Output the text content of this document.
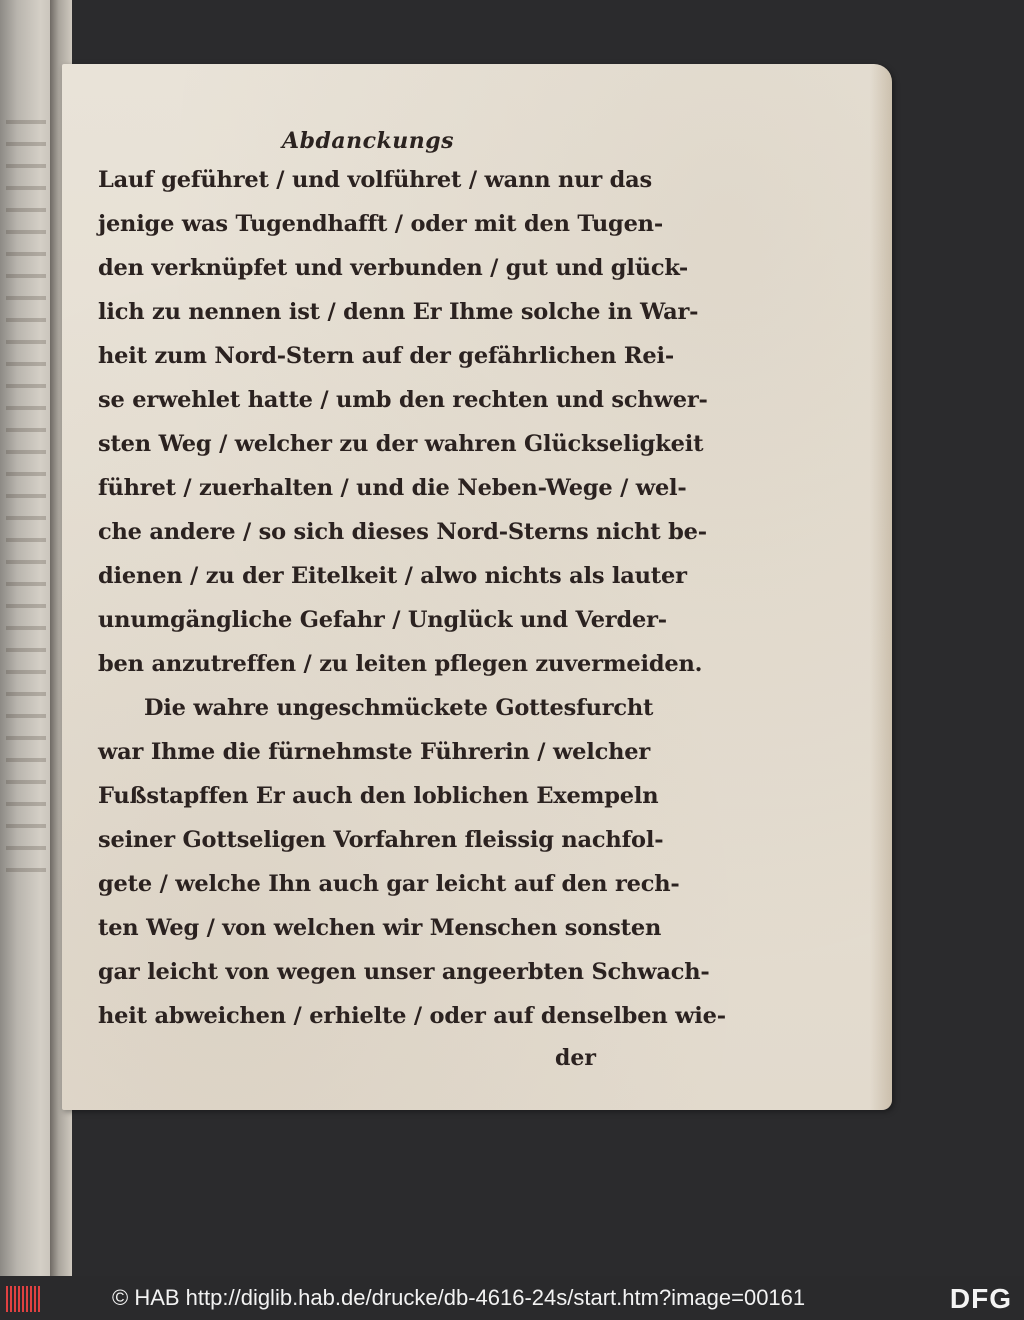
Abdanckungs
Lauf geführet / und volführet / wann nur das
jenige was Tugendhafft / oder mit den Tugen-
den verknüpfet und verbunden / gut und glück-
lich zu nennen ist / denn Er Ihme solche in War-
heit zum Nord-Stern auf der gefährlichen Rei-
se erwehlet hatte / umb den rechten und schwer-
sten Weg / welcher zu der wahren Glückseligkeit
führet / zuerhalten / und die Neben-Wege / wel-
che andere / so sich dieses Nord-Sterns nicht be-
dienen / zu der Eitelkeit / alwo nichts als lauter
unumgängliche Gefahr / Unglück und Verder-
ben anzutreffen / zu leiten pflegen zuvermeiden.
Die wahre ungeschmückete Gottesfurcht
war Ihme die fürnehmste Führerin / welcher
Fußstapffen Er auch den loblichen Exempeln
seiner Gottseligen Vorfahren fleissig nachfol-
gete / welche Ihn auch gar leicht auf den rech-
ten Weg / von welchen wir Menschen sonsten
gar leicht von wegen unser angeerbten Schwach-
heit abweichen / erhielte / oder auf denselben wie-
der
© HAB http://diglib.hab.de/drucke/db-4616-24s/start.htm?image=00161	DFG
